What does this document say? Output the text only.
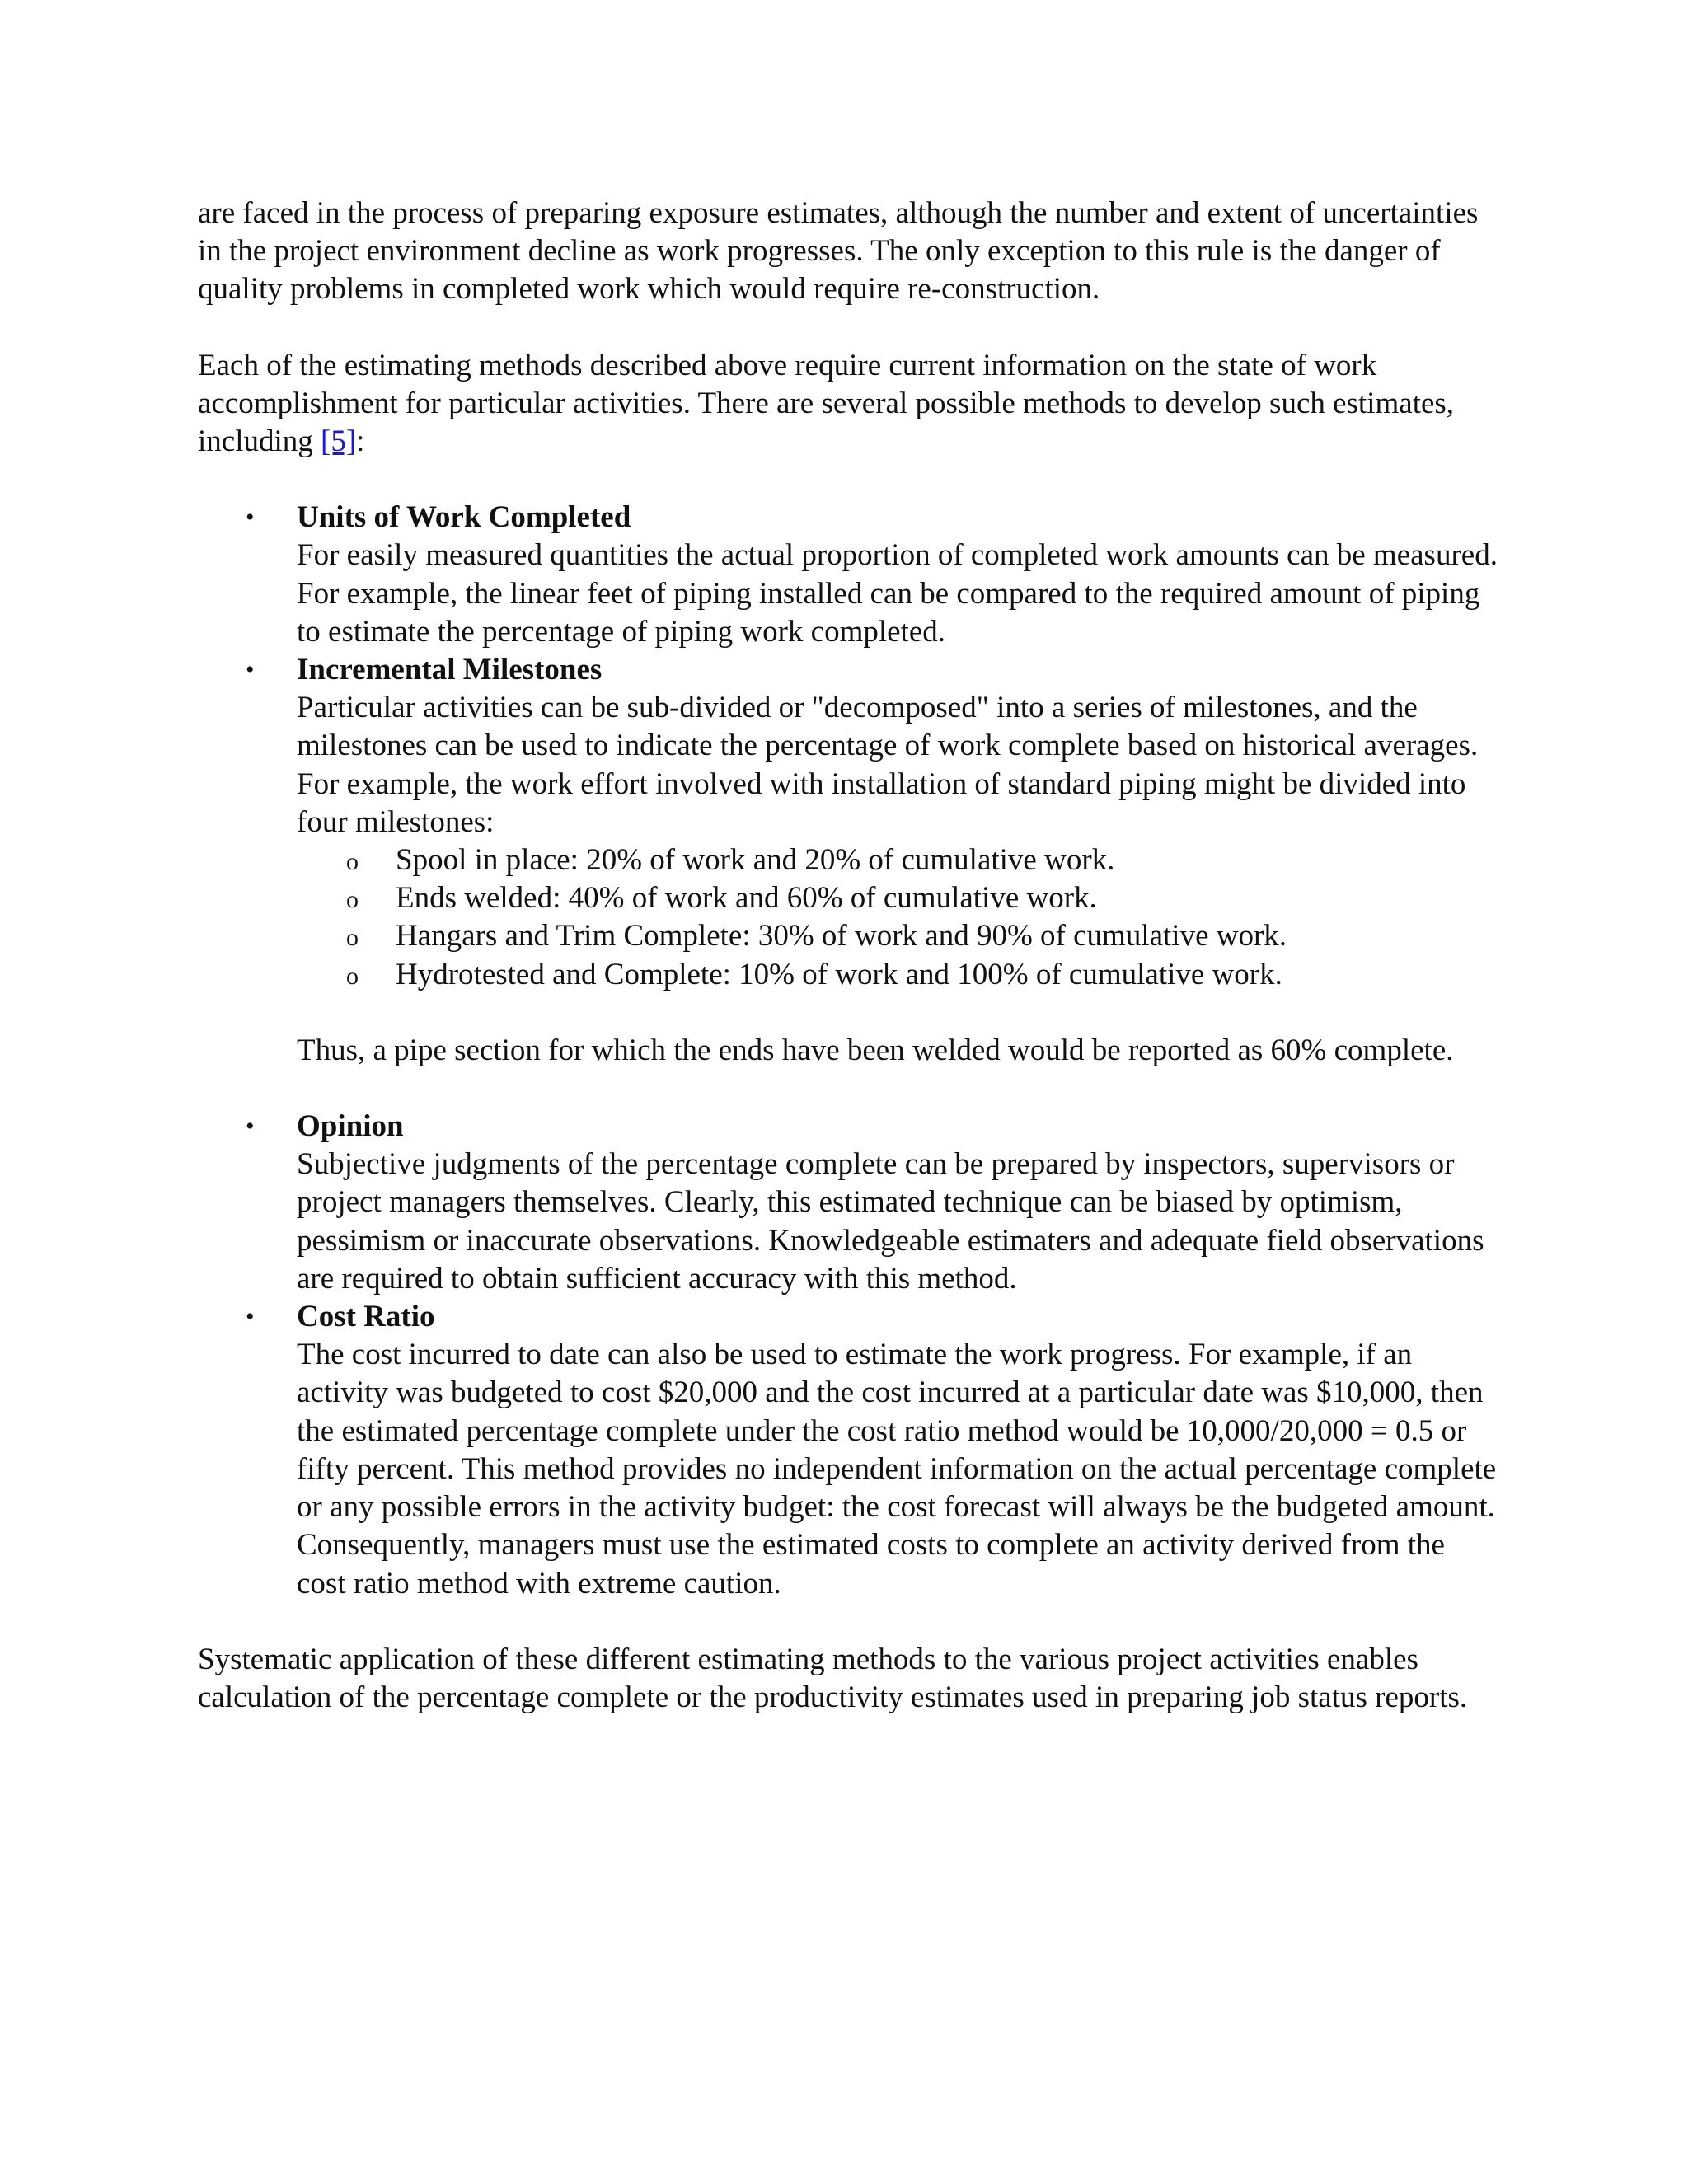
are faced in the process of preparing exposure estimates, although the number and extent of uncertainties in the project environment decline as work progresses. The only exception to this rule is the danger of quality problems in completed work which would require re-construction.

Each of the estimating methods described above require current information on the state of work accomplishment for particular activities. There are several possible methods to develop such estimates, including [5]:

• Units of Work Completed
For easily measured quantities the actual proportion of completed work amounts can be measured. For example, the linear feet of piping installed can be compared to the required amount of piping to estimate the percentage of piping work completed.
• Incremental Milestones
Particular activities can be sub-divided or "decomposed" into a series of milestones, and the milestones can be used to indicate the percentage of work complete based on historical averages. For example, the work effort involved with installation of standard piping might be divided into four milestones:
o Spool in place: 20% of work and 20% of cumulative work.
o Ends welded: 40% of work and 60% of cumulative work.
o Hangars and Trim Complete: 30% of work and 90% of cumulative work.
o Hydrotested and Complete: 10% of work and 100% of cumulative work.
Thus, a pipe section for which the ends have been welded would be reported as 60% complete.
• Opinion
Subjective judgments of the percentage complete can be prepared by inspectors, supervisors or project managers themselves. Clearly, this estimated technique can be biased by optimism, pessimism or inaccurate observations. Knowledgeable estimaters and adequate field observations are required to obtain sufficient accuracy with this method.
• Cost Ratio
The cost incurred to date can also be used to estimate the work progress. For example, if an activity was budgeted to cost $20,000 and the cost incurred at a particular date was $10,000, then the estimated percentage complete under the cost ratio method would be 10,000/20,000 = 0.5 or fifty percent. This method provides no independent information on the actual percentage complete or any possible errors in the activity budget: the cost forecast will always be the budgeted amount. Consequently, managers must use the estimated costs to complete an activity derived from the cost ratio method with extreme caution.

Systematic application of these different estimating methods to the various project activities enables calculation of the percentage complete or the productivity estimates used in preparing job status reports.
